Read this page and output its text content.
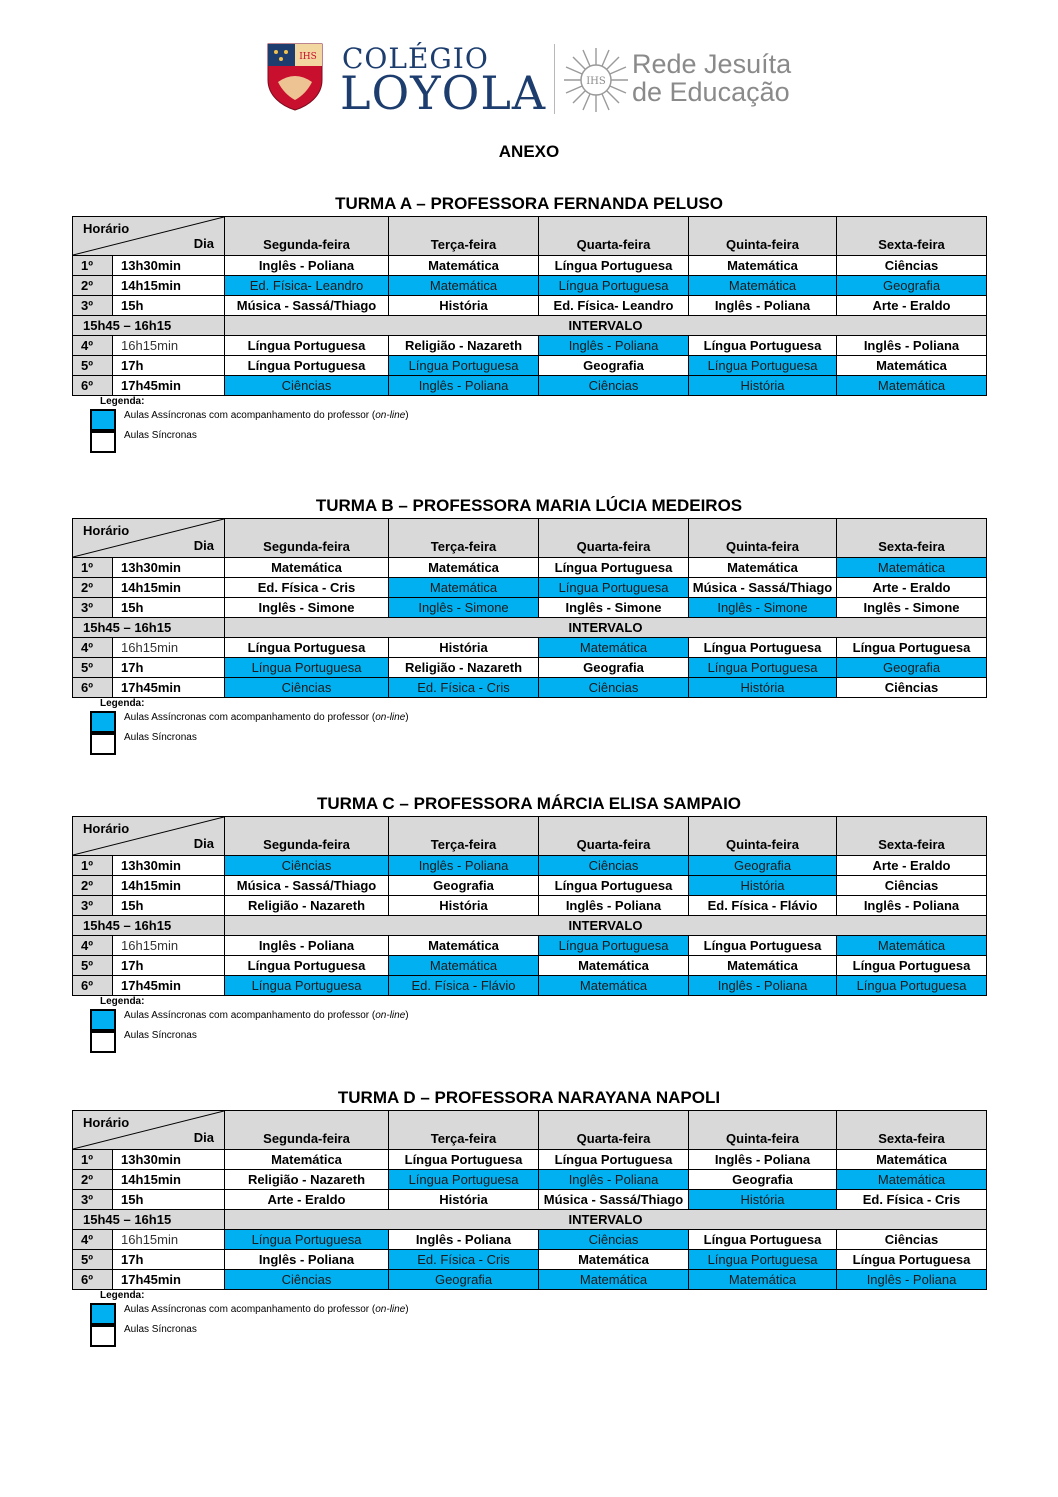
IHS COLÉGIO
LOYOLA	IHS
Rede Jesuíta
de Educação
ANEXO
TURMA A – PROFESSORA FERNANDA PELUSO
Horário
Dia		Segunda-feira	Terça-feira	Quarta-feira	Quinta-feira	Sexta-feira
1º	13h30min	Inglês - Poliana	Matemática	Língua Portuguesa	Matemática	Ciências
2º	14h15min	Ed. Física- Leandro	Matemática	Língua Portuguesa	Matemática	Geografia
3º	15h	Música - Sassá/Thiago	História	Ed. Física- Leandro	Inglês - Poliana	Arte - Eraldo
15h45 – 16h15		INTERVALO				
4º	16h15min	Língua Portuguesa	Religião - Nazareth	Inglês - Poliana	Língua Portuguesa	Inglês - Poliana
5º	17h	Língua Portuguesa	Língua Portuguesa	Geografia	Língua Portuguesa	Matemática
6º	17h45min	Ciências	Inglês - Poliana	Ciências	História	Matemática
Legenda:
Aulas Assíncronas com acompanhamento do professor (on-line)
Aulas Síncronas
TURMA B – PROFESSORA MARIA LÚCIA MEDEIROS
Horário
Dia		Segunda-feira	Terça-feira	Quarta-feira	Quinta-feira	Sexta-feira
1º	13h30min	Matemática	Matemática	Língua Portuguesa	Matemática	Matemática
2º	14h15min	Ed. Física - Cris	Matemática	Língua Portuguesa	Música - Sassá/Thiago	Arte - Eraldo
3º	15h	Inglês - Simone	Inglês - Simone	Inglês - Simone	Inglês - Simone	Inglês - Simone
15h45 – 16h15		INTERVALO				
4º	16h15min	Língua Portuguesa	História	Matemática	Língua Portuguesa	Língua Portuguesa
5º	17h	Língua Portuguesa	Religião - Nazareth	Geografia	Língua Portuguesa	Geografia
6º	17h45min	Ciências	Ed. Física - Cris	Ciências	História	Ciências
Legenda:
Aulas Assíncronas com acompanhamento do professor (on-line)
Aulas Síncronas
TURMA C – PROFESSORA MÁRCIA ELISA SAMPAIO
Horário
Dia		Segunda-feira	Terça-feira	Quarta-feira	Quinta-feira	Sexta-feira
1º	13h30min	Ciências	Inglês - Poliana	Ciências	Geografia	Arte - Eraldo
2º	14h15min	Música - Sassá/Thiago	Geografia	Língua Portuguesa	História	Ciências
3º	15h	Religião - Nazareth	História	Inglês - Poliana	Ed. Física - Flávio	Inglês - Poliana
15h45 – 16h15		INTERVALO				
4º	16h15min	Inglês - Poliana	Matemática	Língua Portuguesa	Língua Portuguesa	Matemática
5º	17h	Língua Portuguesa	Matemática	Matemática	Matemática	Língua Portuguesa
6º	17h45min	Língua Portuguesa	Ed. Física - Flávio	Matemática	Inglês - Poliana	Língua Portuguesa
Legenda:
Aulas Assíncronas com acompanhamento do professor (on-line)
Aulas Síncronas
TURMA D – PROFESSORA NARAYANA NAPOLI
Horário
Dia		Segunda-feira	Terça-feira	Quarta-feira	Quinta-feira	Sexta-feira
1º	13h30min	Matemática	Língua Portuguesa	Língua Portuguesa	Inglês - Poliana	Matemática
2º	14h15min	Religião - Nazareth	Língua Portuguesa	Inglês - Poliana	Geografia	Matemática
3º	15h	Arte - Eraldo	História	Música - Sassá/Thiago	História	Ed. Física - Cris
15h45 – 16h15		INTERVALO				
4º	16h15min	Língua Portuguesa	Inglês - Poliana	Ciências	Língua Portuguesa	Ciências
5º	17h	Inglês - Poliana	Ed. Física - Cris	Matemática	Língua Portuguesa	Língua Portuguesa
6º	17h45min	Ciências	Geografia	Matemática	Matemática	Inglês - Poliana
Legenda:
Aulas Assíncronas com acompanhamento do professor (on-line)
Aulas Síncronas
